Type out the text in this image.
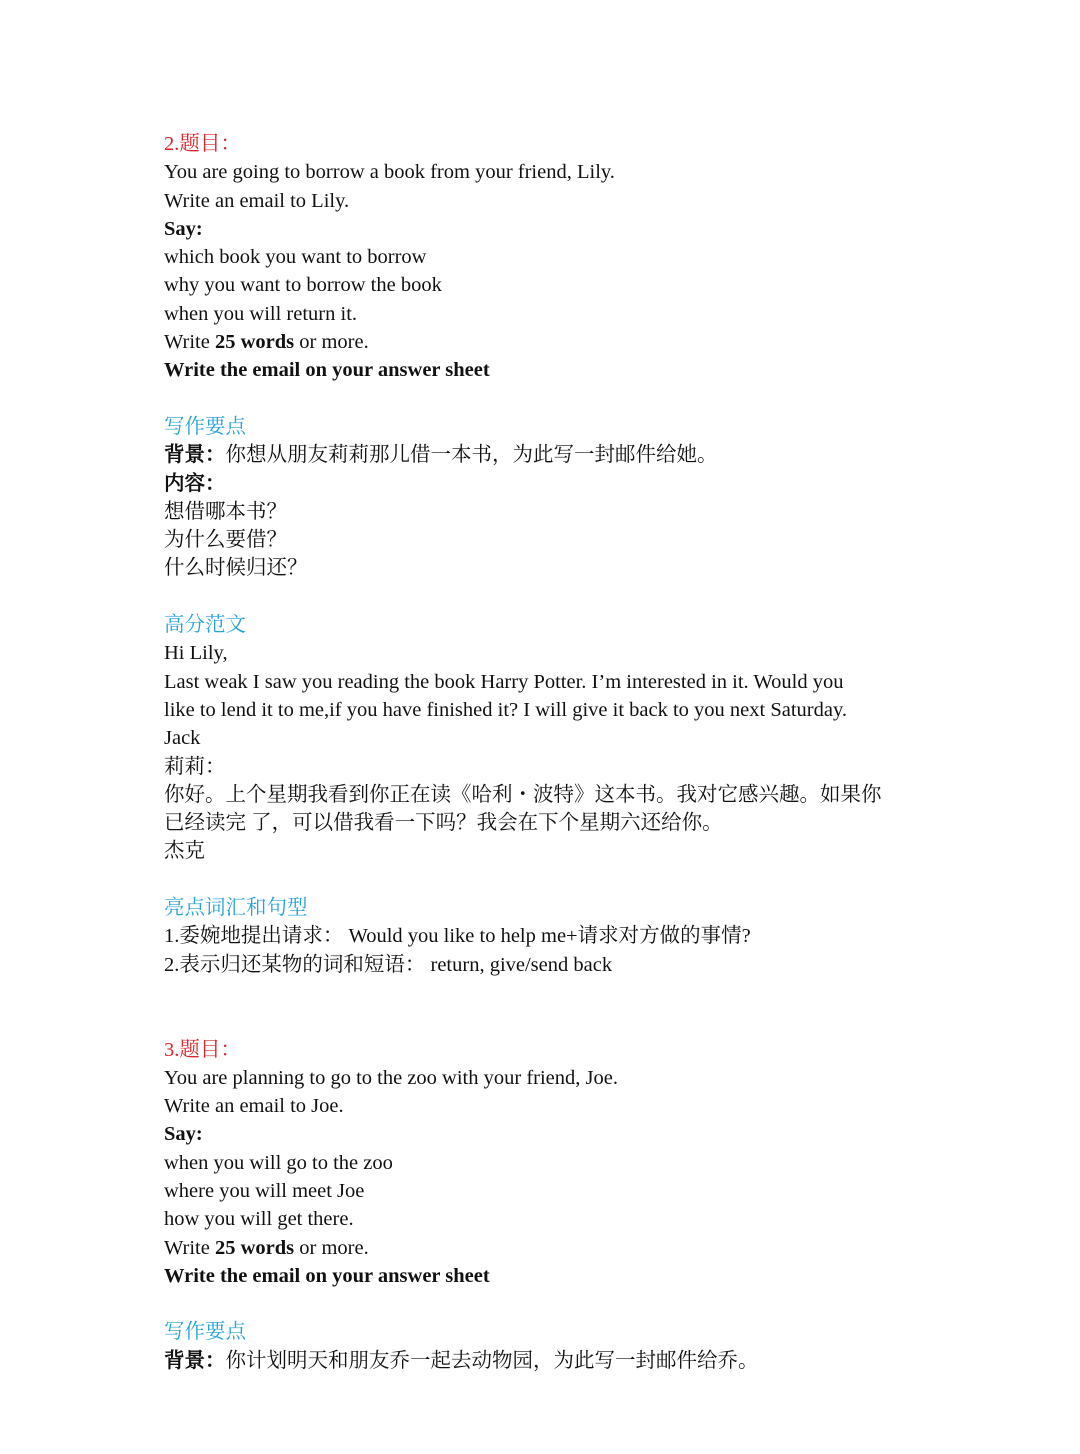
2.题目：
You are going to borrow a book from your friend, Lily.
Write an email to Lily.
Say:
which book you want to borrow
why you want to borrow the book
when you will return it.
Write 25 words or more.
Write the email on your answer sheet
写作要点
背景：你想从朋友莉莉那儿借一本书，为此写一封邮件给她。
内容：
想借哪本书？
为什么要借？
什么时候归还？
高分范文
Hi Lily,
Last weak I saw you reading the book Harry Potter. I’m interested in it. Would you
like to lend it to me,if you have finished it? I will give it back to you next Saturday.
Jack
莉莉：
你好。上个星期我看到你正在读《哈利・波特》这本书。我对它感兴趣。如果你
已经读完 了，可以借我看一下吗？我会在下个星期六还给你。
杰克
亮点词汇和句型
1.委婉地提出请求： Would you like to help me+请求对方做的事情?
2.表示归还某物的词和短语： return, give/send back
3.题目：
You are planning to go to the zoo with your friend, Joe.
Write an email to Joe.
Say:
when you will go to the zoo
where you will meet Joe
how you will get there.
Write 25 words or more.
Write the email on your answer sheet
写作要点
背景：你计划明天和朋友乔一起去动物园，为此写一封邮件给乔。
